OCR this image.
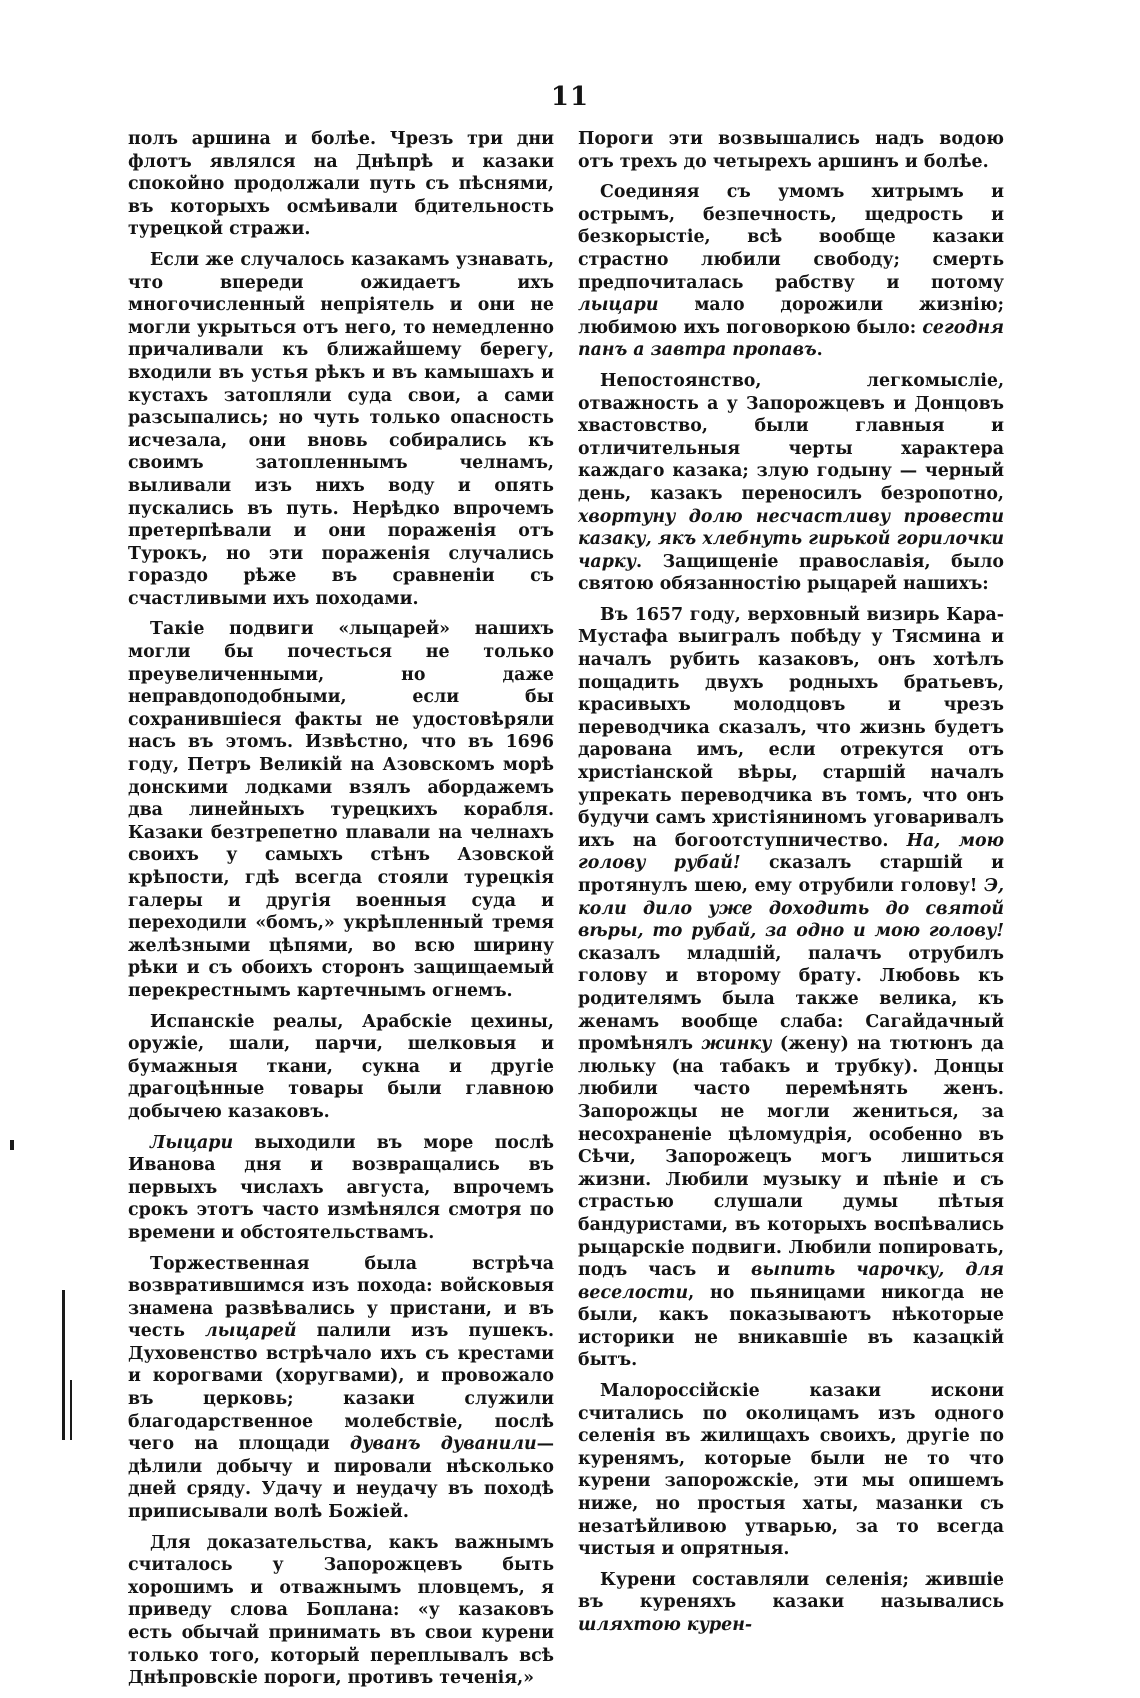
11

полъ аршина и болѣе. Чрезъ три дни флотъ являлся на Днѣпрѣ и казаки спокойно продолжали путь съ пѣснями, въ которыхъ осмѣивали бдительность турецкой стражи.

Если же случалось казакамъ узнавать, что впереди ожидаетъ ихъ многочисленный непріятель и они не могли укрыться отъ него, то немедленно причаливали къ ближайшему берегу, входили въ устья рѣкъ и въ камышахъ и кустахъ затопляли суда свои, а сами разсыпались; но чуть только опасность исчезала, они вновь собирались къ своимъ затопленнымъ челнамъ, выливали изъ нихъ воду и опять пускались въ путь. Нерѣдко впрочемъ претерпѣвали и они пораженія отъ Турокъ, но эти пораженія случались гораздо рѣже въ сравненіи съ счастливыми ихъ походами.

Такіе подвиги «лыцарей» нашихъ могли бы почесться не только преувеличенными, но даже неправдоподобными, если бы сохранившіеся факты не удостовѣряли насъ въ этомъ. Извѣстно, что въ 1696 году, Петръ Великій на Азовскомъ морѣ донскими лодками взялъ абордажемъ два линейныхъ турецкихъ корабля. Казаки безтрепетно плавали на челнахъ своихъ у самыхъ стѣнъ Азовской крѣпости, гдѣ всегда стояли турецкія галеры и другія военныя суда и переходили «бомъ,» укрѣпленный тремя желѣзными цѣпями, во всю ширину рѣки и съ обоихъ сторонъ защищаемый перекрестнымъ картечнымъ огнемъ.

Испанскіе реалы, Арабскіе цехины, оружіе, шали, парчи, шелковыя и бумажныя ткани, сукна и другіе драгоцѣнные товары были главною добычею казаковъ.

Лыцари выходили въ море послѣ Иванова дня и возвращались въ первыхъ числахъ августа, впрочемъ срокъ этотъ часто измѣнялся смотря по времени и обстоятельствамъ.

Торжественная была встрѣча возвратившимся изъ похода: войсковыя знамена развѣвались у пристани, и въ честь лыцарей палили изъ пушекъ. Духовенство встрѣчало ихъ съ крестами и корогвами (хоругвами), и провожало въ церковь; казаки служили благодарственное молебствіе, послѣ чего на площади дуванъ дуванили—дѣлили добычу и пировали нѣсколько дней сряду. Удачу и неудачу въ походѣ приписывали волѣ Божіей.

Для доказательства, какъ важнымъ считалось у Запорожцевъ быть хорошимъ и отважнымъ пловцемъ, я приведу слова Боплана: «у казаковъ есть обычай принимать въ свои курени только того, который переплывалъ всѣ Днѣпровскіе пороги, противъ теченія,»

Пороги эти возвышались надъ водою отъ трехъ до четырехъ аршинъ и болѣе.

Соединяя съ умомъ хитрымъ и острымъ, безпечность, щедрость и безкорыстіе, всѣ вообще казаки страстно любили свободу; смерть предпочиталась рабству и потому лыцари мало дорожили жизнію; любимою ихъ поговоркою было: сегодня панъ а завтра пропавъ.

Непостоянство, легкомысліе, отважность а у Запорожцевъ и Донцовъ хвастовство, были главныя и отличительныя черты характера каждаго казака; злую годыну — черный день, казакъ переносилъ безропотно, хвортуну долю несчастливу провести казаку, якъ хлебнуть гирькой горилочки чарку. Защищеніе православія, было святою обязанностію рыцарей нашихъ:

Въ 1657 году, верховный визирь Кара-Мустафа выигралъ побѣду у Тясмина и началъ рубить казаковъ, онъ хотѣлъ пощадить двухъ родныхъ братьевъ, красивыхъ молодцовъ и чрезъ переводчика сказалъ, что жизнь будетъ дарована имъ, если отрекутся отъ христіанской вѣры, старшій началъ упрекать переводчика въ томъ, что онъ будучи самъ христіяниномъ уговаривалъ ихъ на богоотступничество. На, мою голову рубай! сказалъ старшій и протянулъ шею, ему отрубили голову! Э, коли дило уже доходить до святой вѣры, то рубай, за одно и мою голову! сказалъ младшій, палачъ отрубилъ голову и второму брату. Любовь къ родителямъ была также велика, къ женамъ вообще слаба: Сагайдачный промѣнялъ жинку (жену) на тютюнъ да люльку (на табакъ и трубку). Донцы любили часто перемѣнять женъ. Запорожцы не могли жениться, за несохраненіе цѣломудрія, особенно въ Сѣчи, Запорожецъ могъ лишиться жизни. Любили музыку и пѣніе и съ страстью слушали думы пѣтыя бандуристами, въ которыхъ воспѣвались рыцарскіе подвиги. Любили попировать, подъ часъ и выпить чарочку, для веселости, но пьяницами никогда не были, какъ показываютъ нѣкоторые историки не вникавшіе въ казацкій бытъ.

Малороссійскіе казаки искони считались по околицамъ изъ одного селенія въ жилищахъ своихъ, другіе по куренямъ, которые были не то что курени запорожскіе, эти мы опишемъ ниже, но простыя хаты, мазанки съ незатѣйливою утварью, за то всегда чистыя и опрятныя.

Курени составляли селенія; жившіе въ куреняхъ казаки назывались шляхтою курен-
